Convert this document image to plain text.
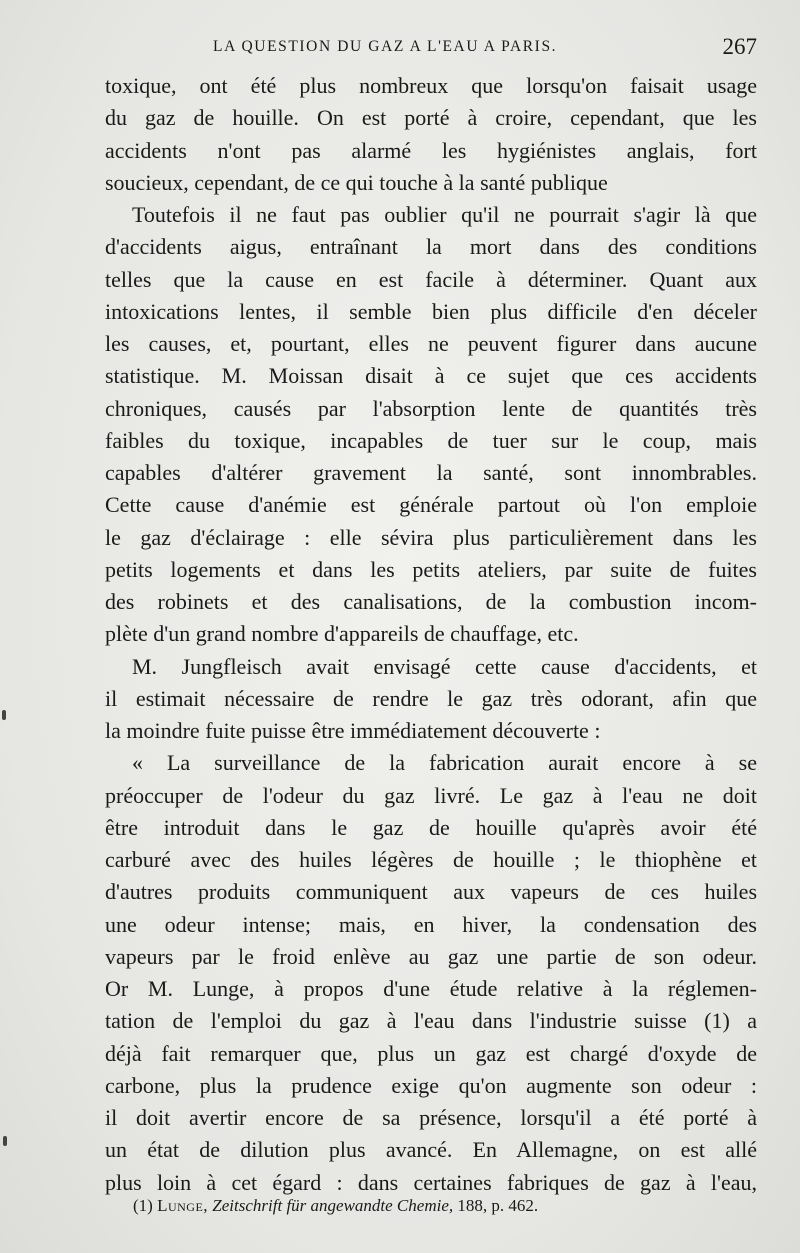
LA QUESTION DU GAZ A L'EAU A PARIS.	267
toxique, ont été plus nombreux que lorsqu'on faisait usage
du gaz de houille. On est porté à croire, cependant, que les
accidents n'ont pas alarmé les hygiénistes anglais, fort
soucieux, cependant, de ce qui touche à la santé publique
Toutefois il ne faut pas oublier qu'il ne pourrait s'agir là que
d'accidents aigus, entraînant la mort dans des conditions
telles que la cause en est facile à déterminer. Quant aux
intoxications lentes, il semble bien plus difficile d'en déceler
les causes, et, pourtant, elles ne peuvent figurer dans aucune
statistique. M. Moissan disait à ce sujet que ces accidents
chroniques, causés par l'absorption lente de quantités très
faibles du toxique, incapables de tuer sur le coup, mais
capables d'altérer gravement la santé, sont innombrables.
Cette cause d'anémie est générale partout où l'on emploie
le gaz d'éclairage : elle sévira plus particulièrement dans les
petits logements et dans les petits ateliers, par suite de fuites
des robinets et des canalisations, de la combustion incom-
plète d'un grand nombre d'appareils de chauffage, etc.
M. Jungfleisch avait envisagé cette cause d'accidents, et
il estimait nécessaire de rendre le gaz très odorant, afin que
la moindre fuite puisse être immédiatement découverte :
« La surveillance de la fabrication aurait encore à se
préoccuper de l'odeur du gaz livré. Le gaz à l'eau ne doit
être introduit dans le gaz de houille qu'après avoir été
carburé avec des huiles légères de houille ; le thiophène et
d'autres produits communiquent aux vapeurs de ces huiles
une odeur intense; mais, en hiver, la condensation des
vapeurs par le froid enlève au gaz une partie de son odeur.
Or M. Lunge, à propos d'une étude relative à la réglemen-
tation de l'emploi du gaz à l'eau dans l'industrie suisse (1) a
déjà fait remarquer que, plus un gaz est chargé d'oxyde de
carbone, plus la prudence exige qu'on augmente son odeur :
il doit avertir encore de sa présence, lorsqu'il a été porté à
un état de dilution plus avancé. En Allemagne, on est allé
plus loin à cet égard : dans certaines fabriques de gaz à l'eau,
(1) Lunge, Zeitschrift für angewandte Chemie, 188, p. 462.
